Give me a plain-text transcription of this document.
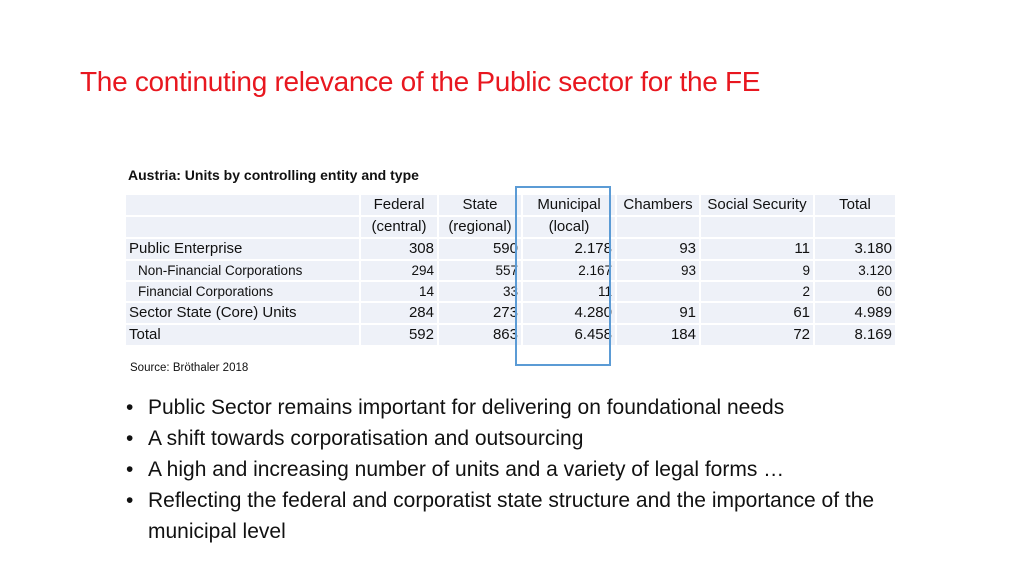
The continuting relevance of the Public sector for the FE
Austria: Units by controlling entity and type
	Federal	State	Municipal	Chambers	Social Security	Total
	(central)	(regional)	(local)			
Public Enterprise	308	590	2.178	93	11	3.180
Non-Financial Corporations	294	557	2.167	93	9	3.120
Financial Corporations	14	33	11		2	60
Sector State (Core) Units	284	273	4.280	91	61	4.989
Total	592	863	6.458	184	72	8.169
Source: Bröthaler 2018
• Public Sector remains important for delivering on foundational needs
• A shift towards corporatisation and outsourcing
• A high and increasing number of units and a variety of legal forms …
• Reflecting the federal and corporatist state structure and the importance of the municipal level
